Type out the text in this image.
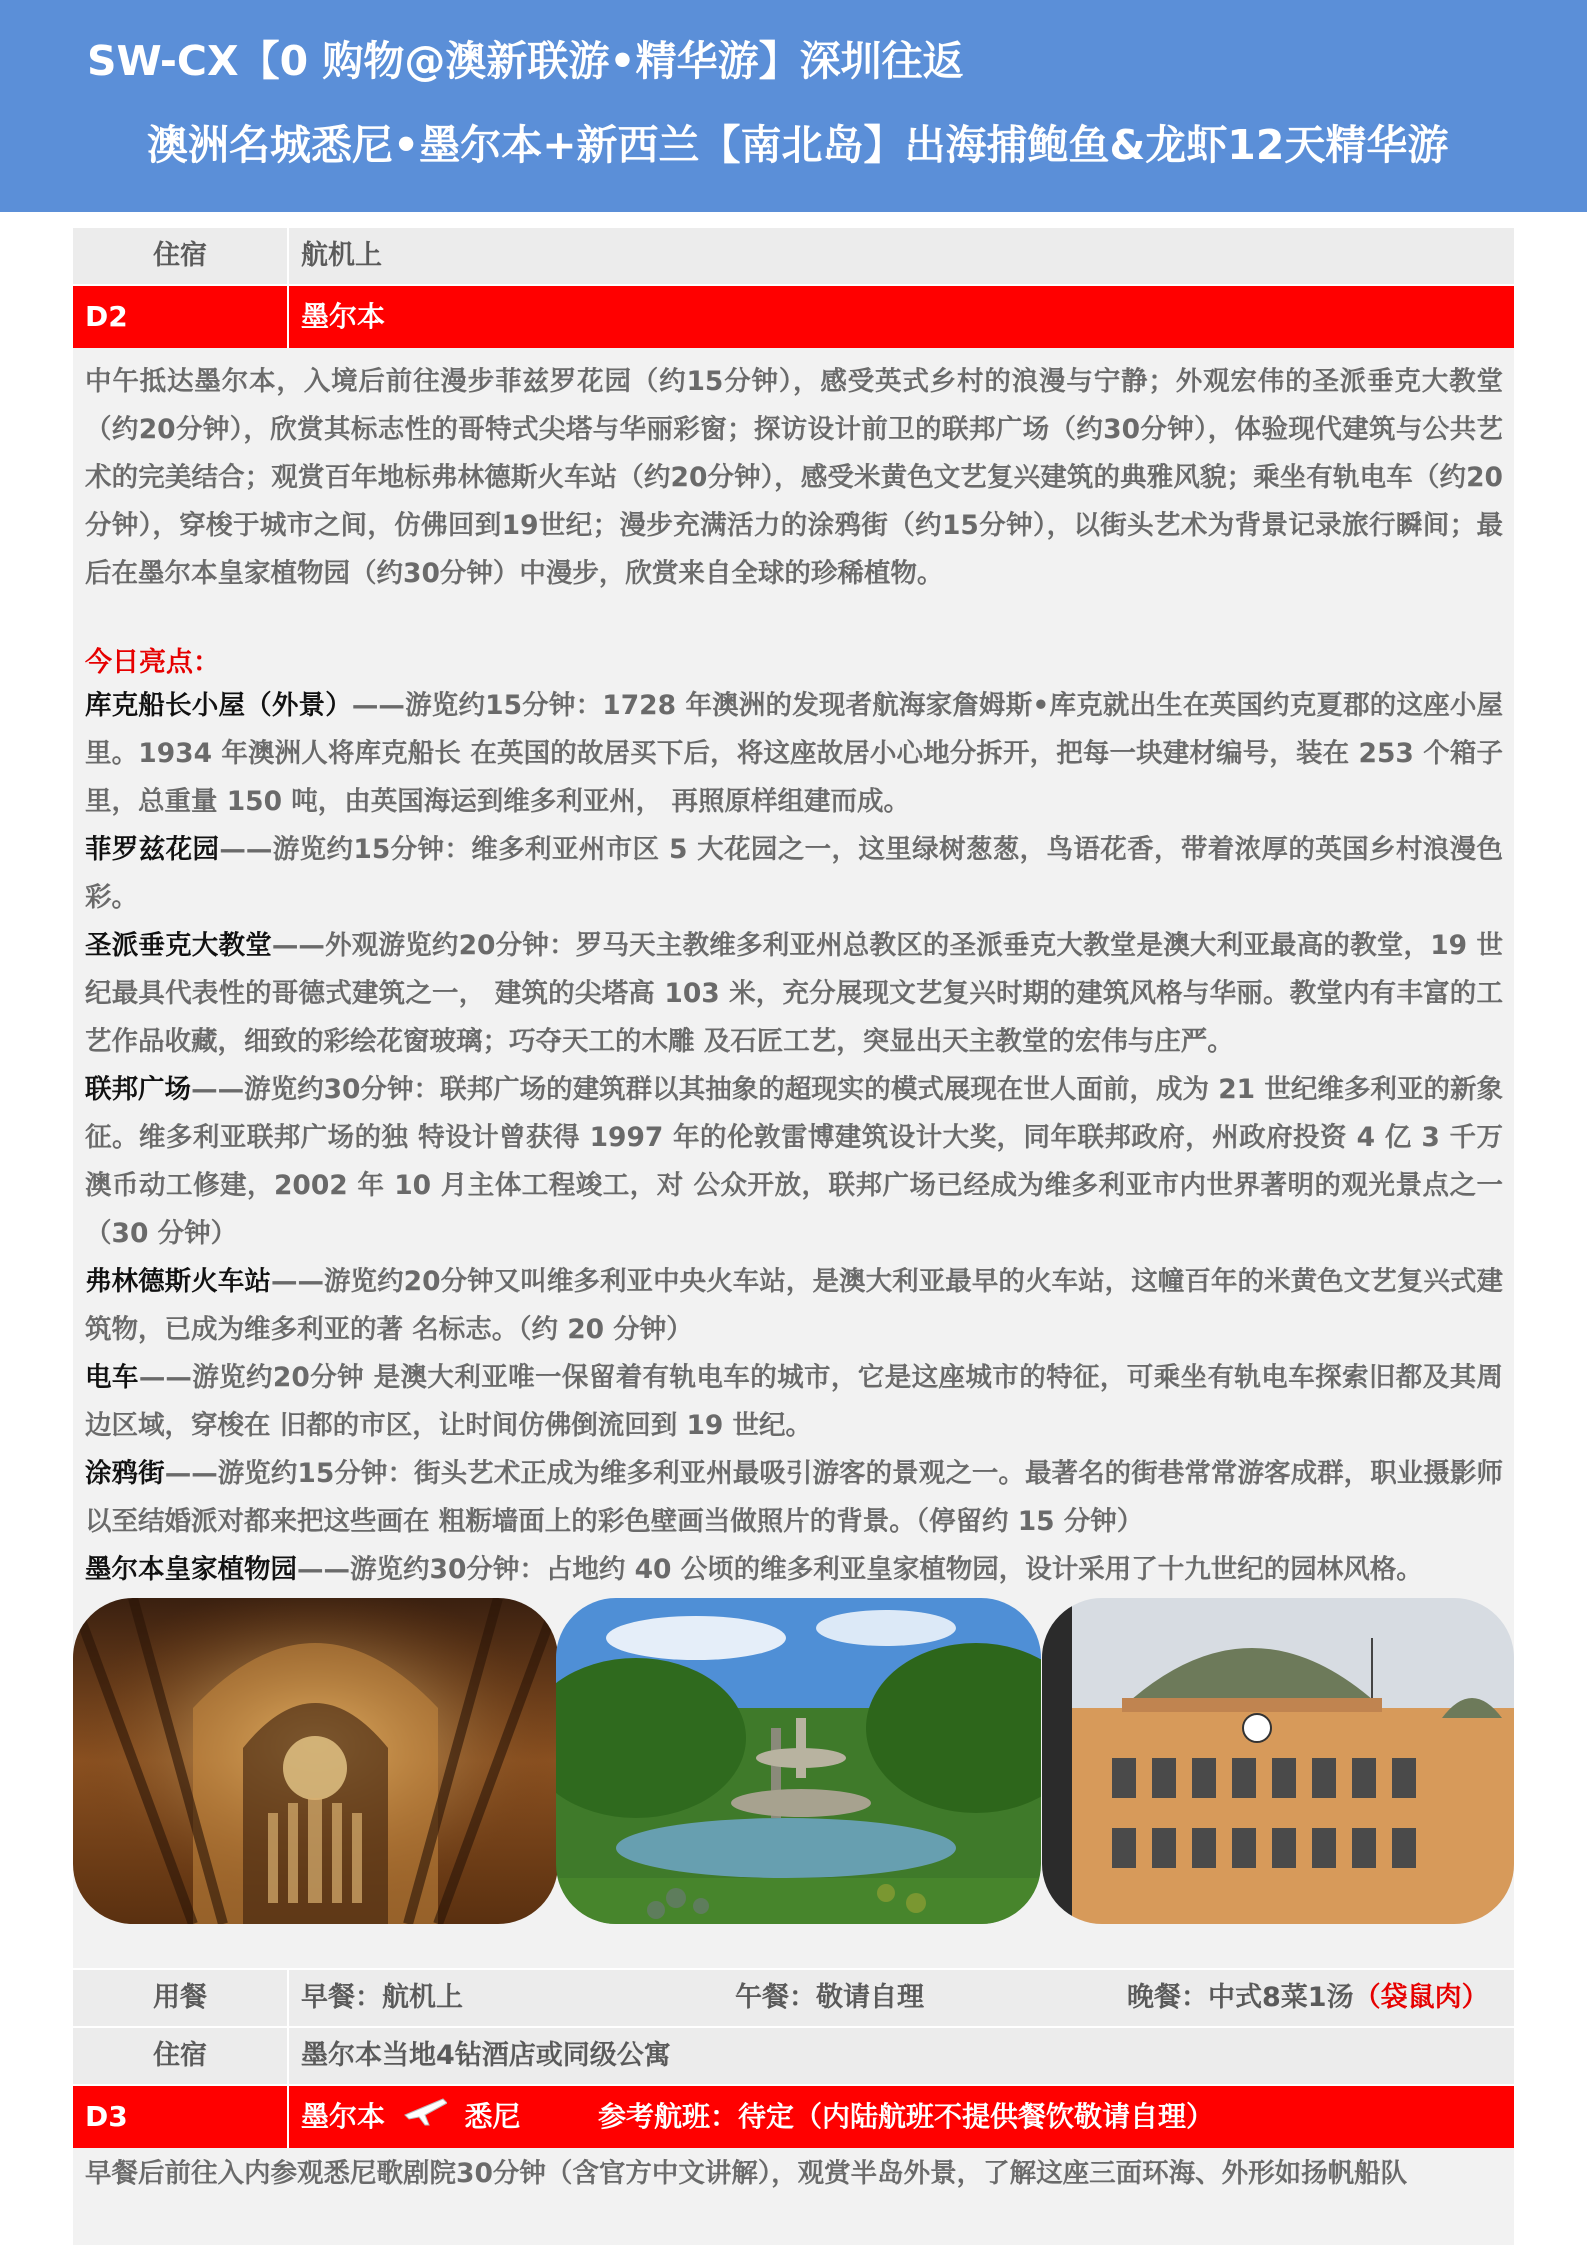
SW-CX【0 购物@澳新联游•精华游】深圳往返
澳洲名城悉尼•墨尔本+新西兰【南北岛】出海捕鲍鱼&龙虾12天精华游
住宿	航机上
D2	墨尔本
中午抵达墨尔本，入境后前往漫步菲兹罗花园（约15分钟），感受英式乡村的浪漫与宁静；外观宏伟的圣派垂克大教堂（约20分钟），欣赏其标志性的哥特式尖塔与华丽彩窗；探访设计前卫的联邦广场（约30分钟），体验现代建筑与公共艺术的完美结合；观赏百年地标弗林德斯火车站（约20分钟），感受米黄色文艺复兴建筑的典雅风貌；乘坐有轨电车（约20分钟），穿梭于城市之间，仿佛回到19世纪；漫步充满活力的涂鸦街（约15分钟），以街头艺术为背景记录旅行瞬间；最后在墨尔本皇家植物园（约30分钟）中漫步，欣赏来自全球的珍稀植物。
今日亮点：
库克船长小屋（外景）——游览约15分钟：1728 年澳洲的发现者航海家詹姆斯•库克就出生在英国约克夏郡的这座小屋里。1934 年澳洲人将库克船长 在英国的故居买下后，将这座故居小心地分拆开，把每一块建材编号，装在 253 个箱子里，总重量 150 吨，由英国海运到维多利亚州， 再照原样组建而成。
菲罗兹花园——游览约15分钟：维多利亚州市区 5 大花园之一，这里绿树葱葱，鸟语花香，带着浓厚的英国乡村浪漫色彩。
圣派垂克大教堂——外观游览约20分钟：罗马天主教维多利亚州总教区的圣派垂克大教堂是澳大利亚最高的教堂，19 世纪最具代表性的哥德式建筑之一， 建筑的尖塔高 103 米，充分展现文艺复兴时期的建筑风格与华丽。教堂内有丰富的工艺作品收藏，细致的彩绘花窗玻璃；巧夺天工的木雕 及石匠工艺，突显出天主教堂的宏伟与庄严。
联邦广场——游览约30分钟：联邦广场的建筑群以其抽象的超现实的模式展现在世人面前，成为 21 世纪维多利亚的新象征。维多利亚联邦广场的独 特设计曾获得 1997 年的伦敦雷博建筑设计大奖，同年联邦政府，州政府投资 4 亿 3 千万澳币动工修建，2002 年 10 月主体工程竣工，对 公众开放，联邦广场已经成为维多利亚市内世界著明的观光景点之一（30 分钟）
弗林德斯火车站——游览约20分钟又叫维多利亚中央火车站，是澳大利亚最早的火车站，这幢百年的米黄色文艺复兴式建筑物，已成为维多利亚的著 名标志。（约 20 分钟）
电车——游览约20分钟 是澳大利亚唯一保留着有轨电车的城市，它是这座城市的特征，可乘坐有轨电车探索旧都及其周边区域，穿梭在 旧都的市区，让时间仿佛倒流回到 19 世纪。
涂鸦街——游览约15分钟：街头艺术正成为维多利亚州最吸引游客的景观之一。最著名的街巷常常游客成群，职业摄影师以至结婚派对都来把这些画在 粗粝墙面上的彩色壁画当做照片的背景。（停留约 15 分钟）
墨尔本皇家植物园——游览约30分钟：占地约 40 公顷的维多利亚皇家植物园，设计采用了十九世纪的园林风格。
用餐	早餐：航机上	午餐：敬请自理	晚餐：中式8菜1汤（袋鼠肉）
住宿	墨尔本当地4钻酒店或同级公寓
D3	墨尔本	悉尼	参考航班：待定（内陆航班不提供餐饮敬请自理）
早餐后前往入内参观悉尼歌剧院30分钟（含官方中文讲解），观赏半岛外景，了解这座三面环海、外形如扬帆船队
